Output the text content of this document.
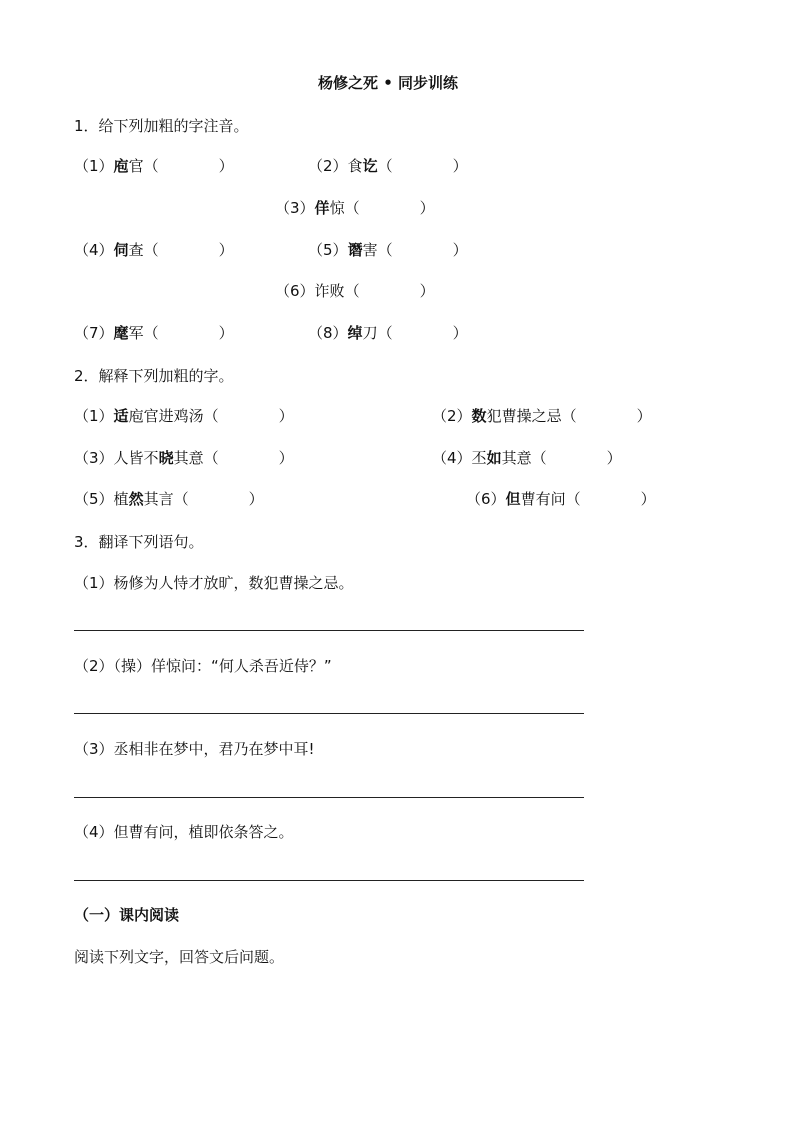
杨修之死 • 同步训练
1．给下列加粗的字注音。
（1）庖官（　　　　）	（2）食讫（　　　　）
（3）佯惊（　　　　）
（4）伺查（　　　　）	（5）谮害（　　　　）
（6）诈败（　　　　）
（7）麾军（　　　　）	（8）绰刀（　　　　）
2．解释下列加粗的字。
（1）适庖官进鸡汤（　　　　）	（2）数犯曹操之忌（　　　　）
（3）人皆不晓其意（　　　　）	（4）丕如其意（　　　　）
（5）植然其言（　　　　）	（6）但曹有问（　　　　）
3．翻译下列语句。
（1）杨修为人恃才放旷，数犯曹操之忌。
（2）（操）佯惊问：“何人杀吾近侍？”
（3）丞相非在梦中，君乃在梦中耳!
（4）但曹有问，植即依条答之。
（一）课内阅读
阅读下列文字，回答文后问题。
